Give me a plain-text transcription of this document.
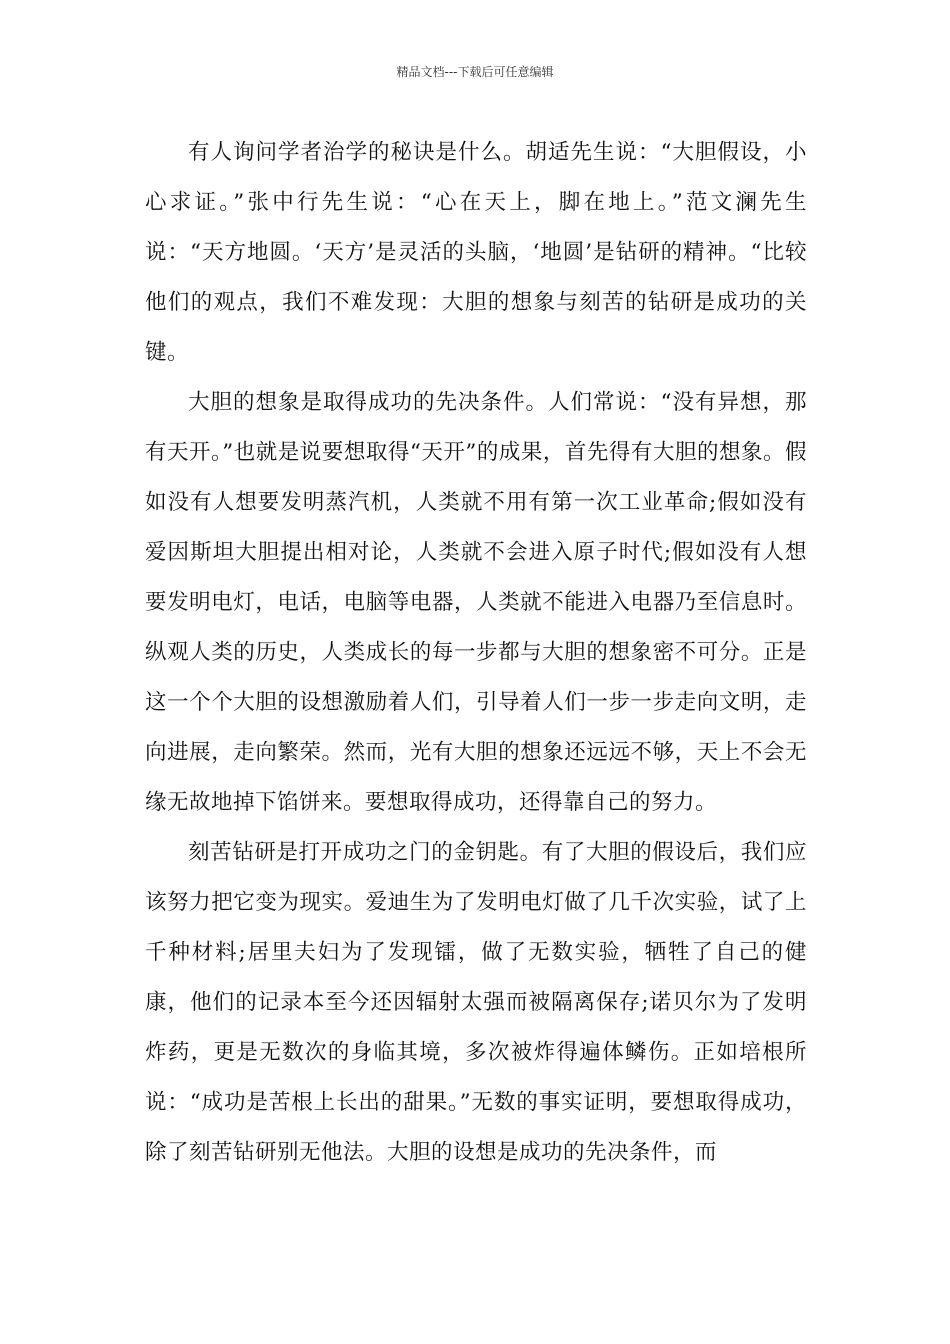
精品文档---下载后可任意编辑

有人询问学者治学的秘诀是什么。胡适先生说：“大胆假设，小心求证。”张中行先生说：“心在天上，脚在地上。”范文澜先生说：“天方地圆。‘天方’是灵活的头脑，‘地圆’是钻研的精神。“比较他们的观点，我们不难发现：大胆的想象与刻苦的钻研是成功的关键。

大胆的想象是取得成功的先决条件。人们常说：“没有异想，那有天开。”也就是说要想取得“天开”的成果，首先得有大胆的想象。假如没有人想要发明蒸汽机，人类就不用有第一次工业革命;假如没有爱因斯坦大胆提出相对论，人类就不会进入原子时代;假如没有人想要发明电灯，电话，电脑等电器，人类就不能进入电器乃至信息时。纵观人类的历史，人类成长的每一步都与大胆的想象密不可分。正是这一个个大胆的设想激励着人们，引导着人们一步一步走向文明，走向进展，走向繁荣。然而，光有大胆的想象还远远不够，天上不会无缘无故地掉下馅饼来。要想取得成功，还得靠自己的努力。

刻苦钻研是打开成功之门的金钥匙。有了大胆的假设后，我们应该努力把它变为现实。爱迪生为了发明电灯做了几千次实验，试了上千种材料;居里夫妇为了发现镭，做了无数实验，牺牲了自己的健康，他们的记录本至今还因辐射太强而被隔离保存;诺贝尔为了发明炸药，更是无数次的身临其境，多次被炸得遍体鳞伤。正如培根所说：“成功是苦根上长出的甜果。”无数的事实证明，要想取得成功，除了刻苦钻研别无他法。大胆的设想是成功的先决条件，而
